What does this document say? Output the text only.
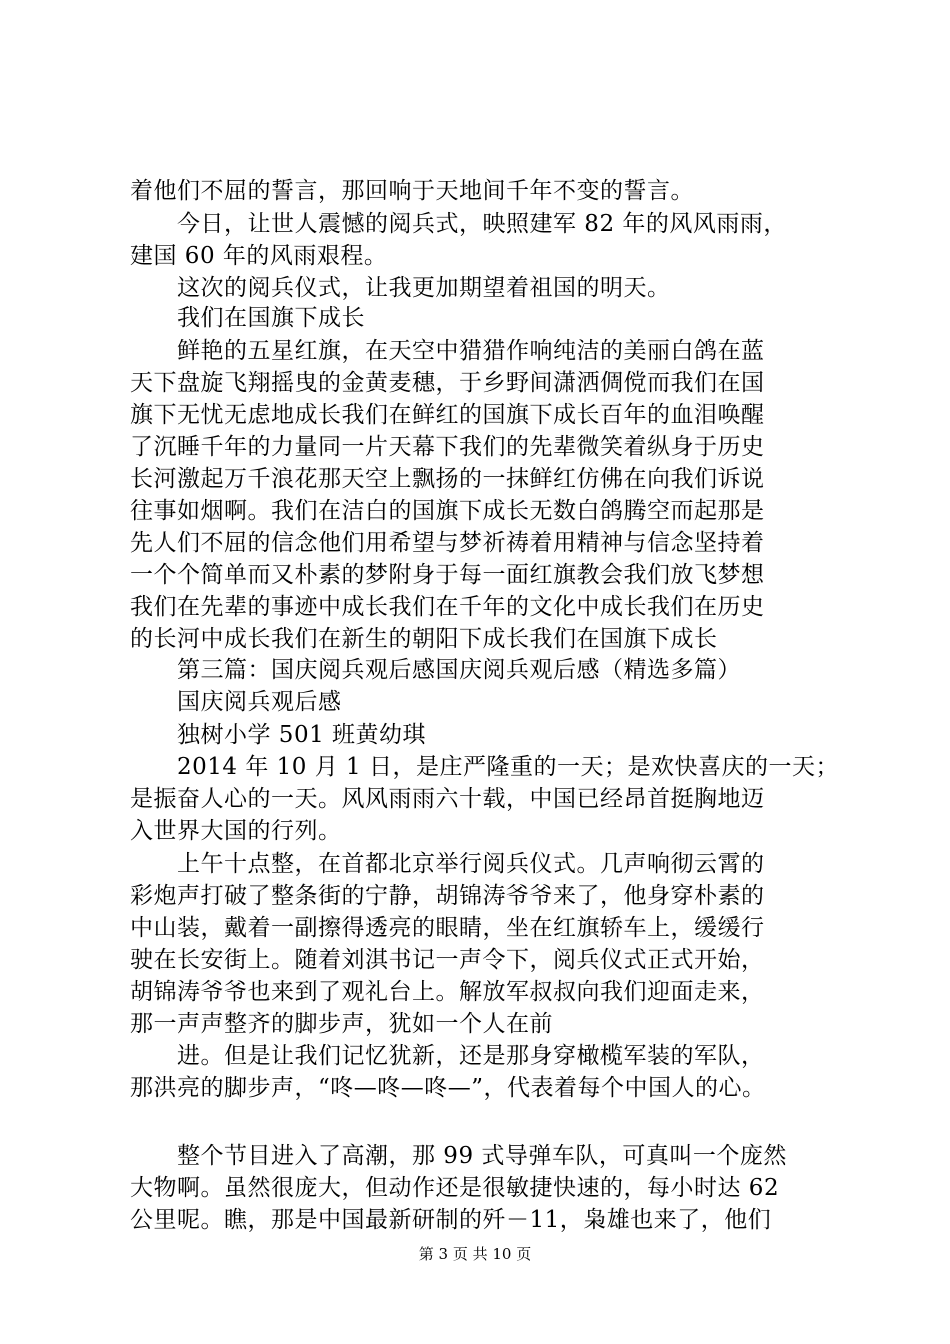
着他们不屈的誓言，那回响于天地间千年不变的誓言。
今日，让世人震憾的阅兵式，映照建军 82 年的风风雨雨，
建国 60 年的风雨艰程。
这次的阅兵仪式，让我更加期望着祖国的明天。
我们在国旗下成长
鲜艳的五星红旗，在天空中猎猎作响纯洁的美丽白鸽在蓝
天下盘旋飞翔摇曳的金黄麦穗，于乡野间潇洒倜傥而我们在国
旗下无忧无虑地成长我们在鲜红的国旗下成长百年的血泪唤醒
了沉睡千年的力量同一片天幕下我们的先辈微笑着纵身于历史
长河激起万千浪花那天空上飘扬的一抹鲜红仿佛在向我们诉说
往事如烟啊。我们在洁白的国旗下成长无数白鸽腾空而起那是
先人们不屈的信念他们用希望与梦祈祷着用精神与信念坚持着
一个个简单而又朴素的梦附身于每一面红旗教会我们放飞梦想
我们在先辈的事迹中成长我们在千年的文化中成长我们在历史
的长河中成长我们在新生的朝阳下成长我们在国旗下成长
第三篇：国庆阅兵观后感国庆阅兵观后感（精选多篇）
国庆阅兵观后感
独树小学 501 班黄幼琪
2014 年 10 月 1 日，是庄严隆重的一天；是欢快喜庆的一天；
是振奋人心的一天。风风雨雨六十载，中国已经昂首挺胸地迈
入世界大国的行列。
上午十点整，在首都北京举行阅兵仪式。几声响彻云霄的
彩炮声打破了整条街的宁静，胡锦涛爷爷来了，他身穿朴素的
中山装，戴着一副擦得透亮的眼睛，坐在红旗轿车上，缓缓行
驶在长安街上。随着刘淇书记一声令下，阅兵仪式正式开始，
胡锦涛爷爷也来到了观礼台上。解放军叔叔向我们迎面走来，
那一声声整齐的脚步声，犹如一个人在前
进。但是让我们记忆犹新，还是那身穿橄榄军装的军队，
那洪亮的脚步声，“咚—咚—咚—”，代表着每个中国人的心。
整个节目进入了高潮，那 99 式导弹车队，可真叫一个庞然
大物啊。虽然很庞大，但动作还是很敏捷快速的，每小时达 62
公里呢。瞧，那是中国最新研制的歼－11，枭雄也来了，他们
第 3 页 共 10 页
